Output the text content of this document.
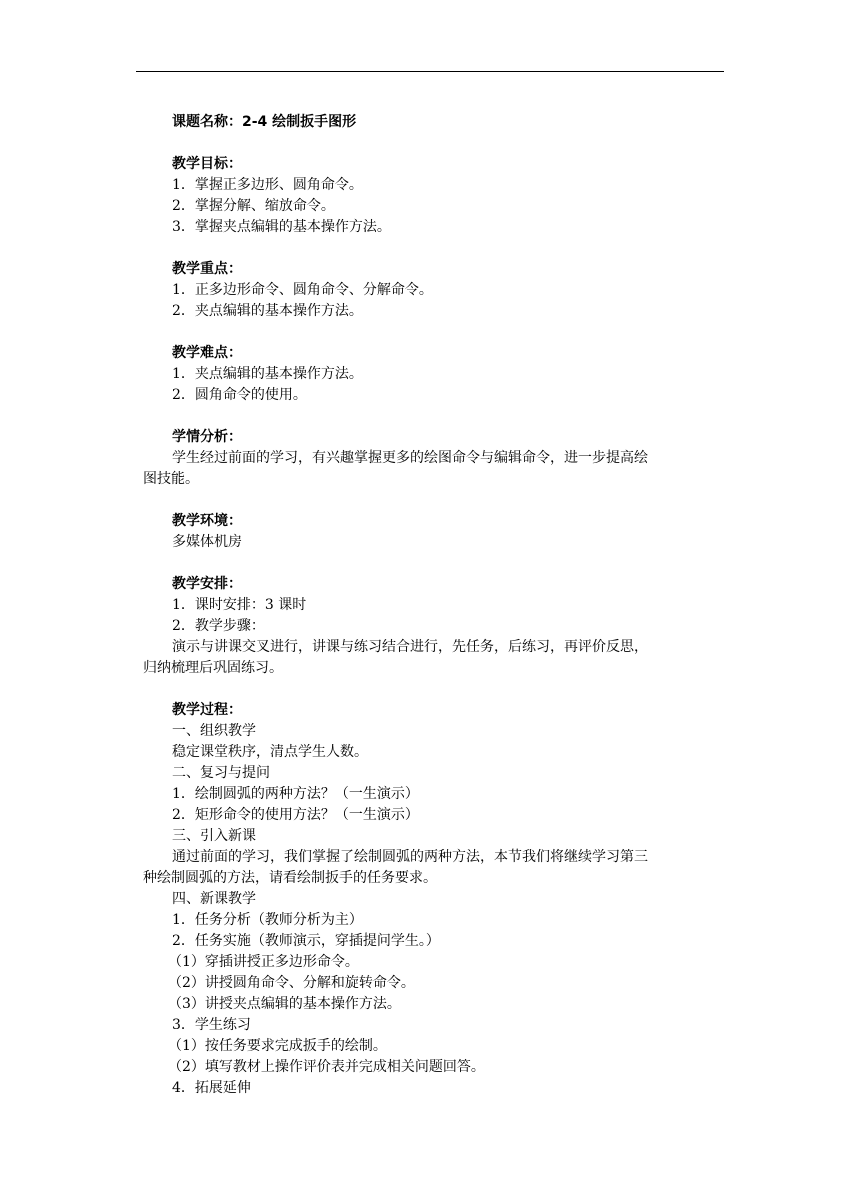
课题名称：2-4 绘制扳手图形
教学目标：
1．掌握正多边形、圆角命令。
2．掌握分解、缩放命令。
3．掌握夹点编辑的基本操作方法。
教学重点：
1．正多边形命令、圆角命令、分解命令。
2．夹点编辑的基本操作方法。
教学难点：
1．夹点编辑的基本操作方法。
2．圆角命令的使用。
学情分析：
学生经过前面的学习，有兴趣掌握更多的绘图命令与编辑命令，进一步提高绘
图技能。
教学环境：
多媒体机房
教学安排：
1．课时安排：3 课时
2．教学步骤：
演示与讲课交叉进行，讲课与练习结合进行，先任务，后练习，再评价反思，
归纳梳理后巩固练习。
教学过程：
一、组织教学
稳定课堂秩序，清点学生人数。
二、复习与提问
1．绘制圆弧的两种方法？（一生演示）
2．矩形命令的使用方法？（一生演示）
三、引入新课
通过前面的学习，我们掌握了绘制圆弧的两种方法，本节我们将继续学习第三
种绘制圆弧的方法，请看绘制扳手的任务要求。
四、新课教学
1．任务分析（教师分析为主）
2．任务实施（教师演示，穿插提问学生。）
（1）穿插讲授正多边形命令。
（2）讲授圆角命令、分解和旋转命令。
（3）讲授夹点编辑的基本操作方法。
3．学生练习
（1）按任务要求完成扳手的绘制。
（2）填写教材上操作评价表并完成相关问题回答。
4．拓展延伸
